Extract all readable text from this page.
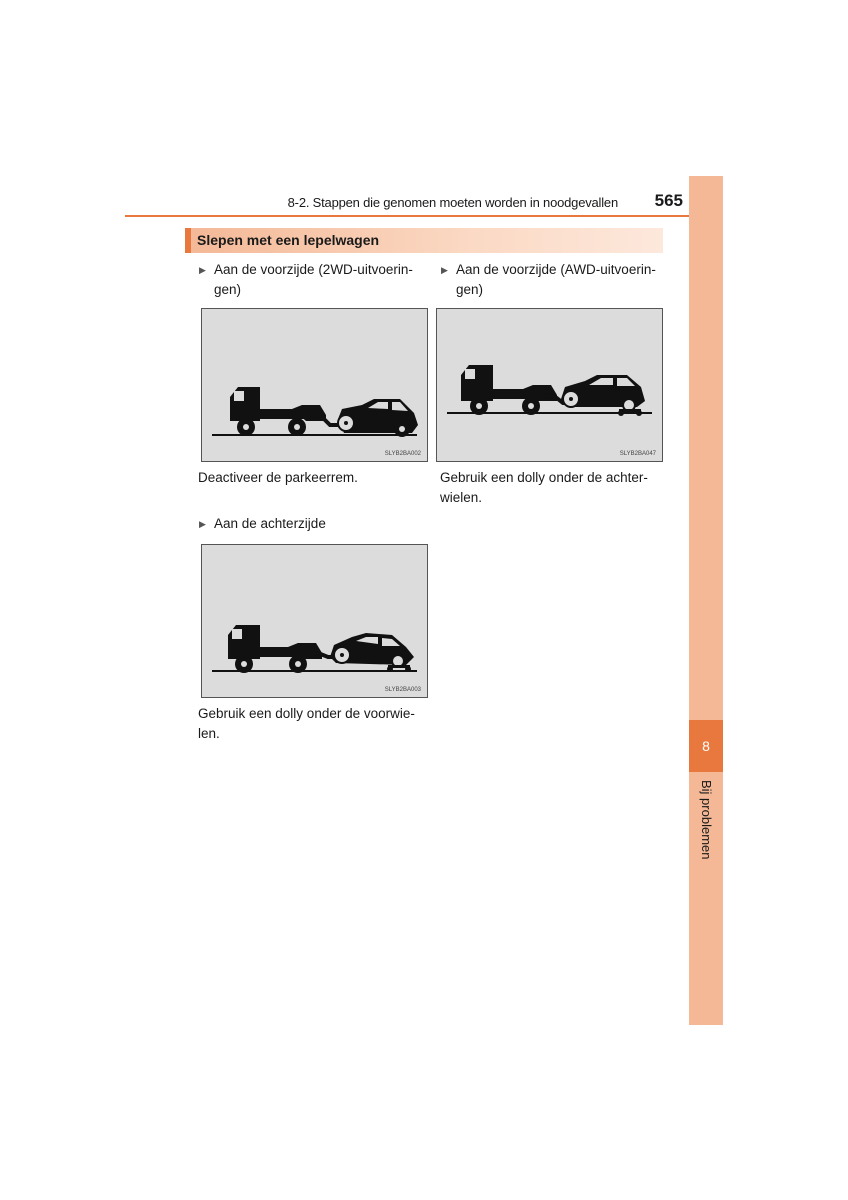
8-2. Stappen die genomen moeten worden in noodgevallen	565
8
Bij problemen
Slepen met een lepelwagen
▶ Aan de voorzijde (2WD-uitvoerin-
gen)
▶ Aan de voorzijde (AWD-uitvoerin-
gen)
SLYB2BA002	SLYB2BA047
Deactiveer de parkeerrem.	Gebruik een dolly onder de achter-
wielen.
▶ Aan de achterzijde
SLYB2BA003
Gebruik een dolly onder de voorwie-
len.
